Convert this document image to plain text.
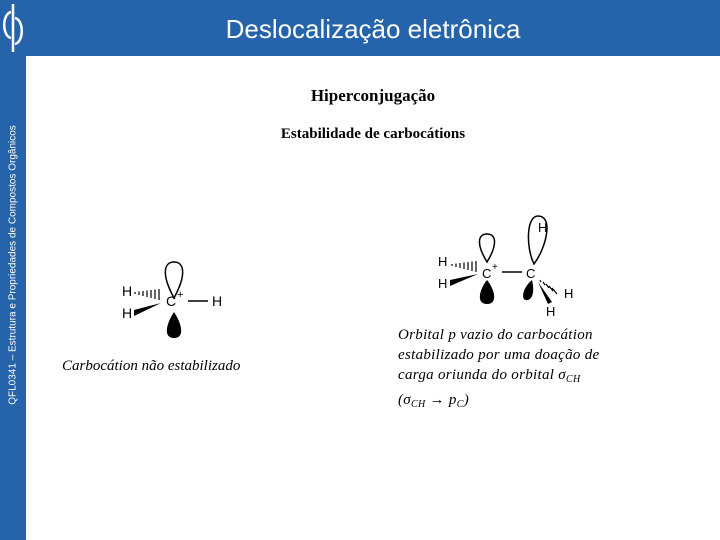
Deslocalização eletrônica
QFL0341 – Estrutura e Propriedades de Compostos Orgânicos
Hiperconjugação
Estabilidade de carbocátions
H
H
C + H
H
H
C + C
H
H
H
Carbocátion não estabilizado
Orbital p vazio do carbocátion
estabilizado por uma doação de
carga oriunda do orbital $\sigma_{CH}$
$(\sigma_{CH} \to p_C)$
